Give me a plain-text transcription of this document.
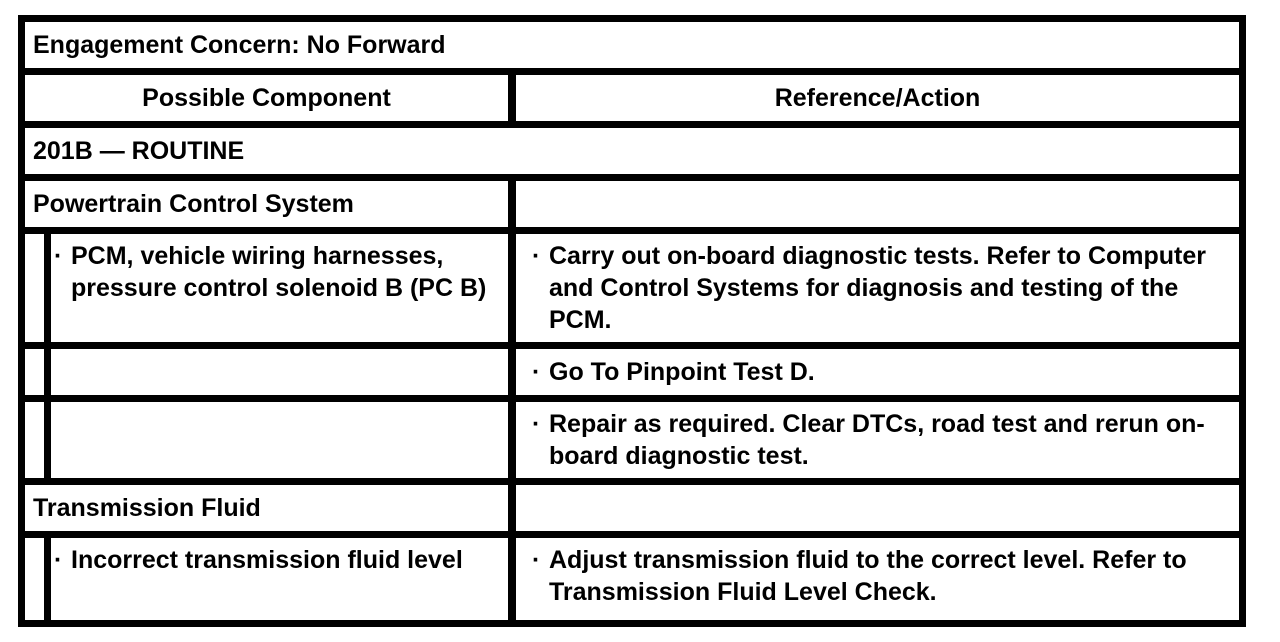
Engagement Concern: No Forward
Possible Component	Reference/Action
201B — ROUTINE
Powertrain Control System
· PCM, vehicle wiring harnesses, pressure control solenoid B (PC B)
· Carry out on-board diagnostic tests. Refer to Computer and Control Systems for diagnosis and testing of the PCM.
· Go To Pinpoint Test D.
· Repair as required. Clear DTCs, road test and rerun on-board diagnostic test.
Transmission Fluid
· Incorrect transmission fluid level	· Adjust transmission fluid to the correct level. Refer to Transmission Fluid Level Check.
